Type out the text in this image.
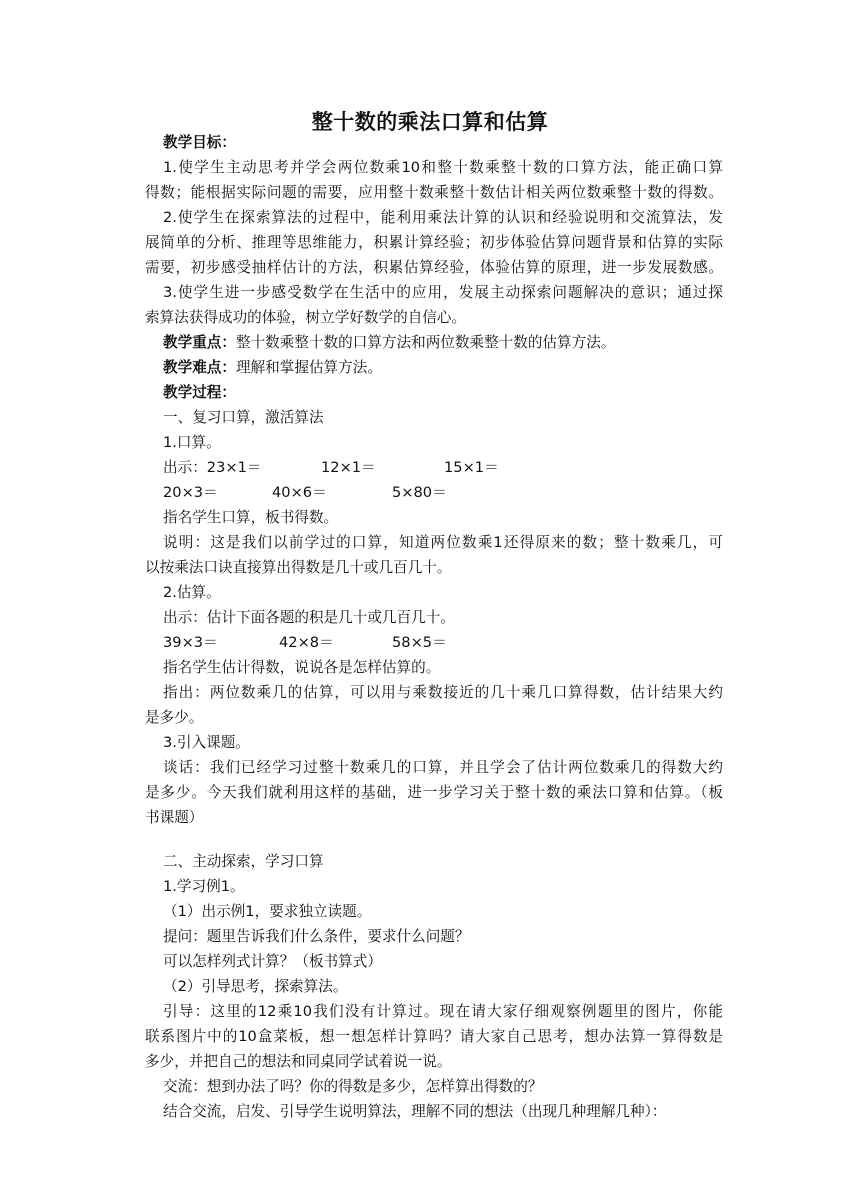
整十数的乘法口算和估算
教学目标：
1.使学生主动思考并学会两位数乘10和整十数乘整十数的口算方法，能正确口算
得数；能根据实际问题的需要，应用整十数乘整十数估计相关两位数乘整十数的得数。
2.使学生在探索算法的过程中，能利用乘法计算的认识和经验说明和交流算法，发
展简单的分析、推理等思维能力，积累计算经验；初步体验估算问题背景和估算的实际
需要，初步感受抽样估计的方法，积累估算经验，体验估算的原理，进一步发展数感。
3.使学生进一步感受数学在生活中的应用，发展主动探索问题解决的意识；通过探
索算法获得成功的体验，树立学好数学的自信心。
教学重点：整十数乘整十数的口算方法和两位数乘整十数的估算方法。
教学难点：理解和掌握估算方法。
教学过程：
一、复习口算，激活算法
1.口算。
出示：23×1＝	12×1＝	15×1＝
20×3＝	40×6＝	5×80＝
指名学生口算，板书得数。
说明：这是我们以前学过的口算，知道两位数乘1还得原来的数；整十数乘几，可
以按乘法口诀直接算出得数是几十或几百几十。
2.估算。
出示：估计下面各题的积是几十或几百几十。
39×3＝	42×8＝	58×5＝
指名学生估计得数，说说各是怎样估算的。
指出：两位数乘几的估算，可以用与乘数接近的几十乘几口算得数，估计结果大约
是多少。
3.引入课题。
谈话：我们已经学习过整十数乘几的口算，并且学会了估计两位数乘几的得数大约
是多少。今天我们就利用这样的基础，进一步学习关于整十数的乘法口算和估算。（板
书课题）
二、主动探索，学习口算
1.学习例1。
（1）出示例1，要求独立读题。
提问：题里告诉我们什么条件，要求什么问题？
可以怎样列式计算？（板书算式）
（2）引导思考，探索算法。
引导：这里的12乘10我们没有计算过。现在请大家仔细观察例题里的图片，你能
联系图片中的10盒菜板，想一想怎样计算吗？请大家自己思考，想办法算一算得数是
多少，并把自己的想法和同桌同学试着说一说。
交流：想到办法了吗？你的得数是多少，怎样算出得数的？
结合交流，启发、引导学生说明算法，理解不同的想法（出现几种理解几种）：
